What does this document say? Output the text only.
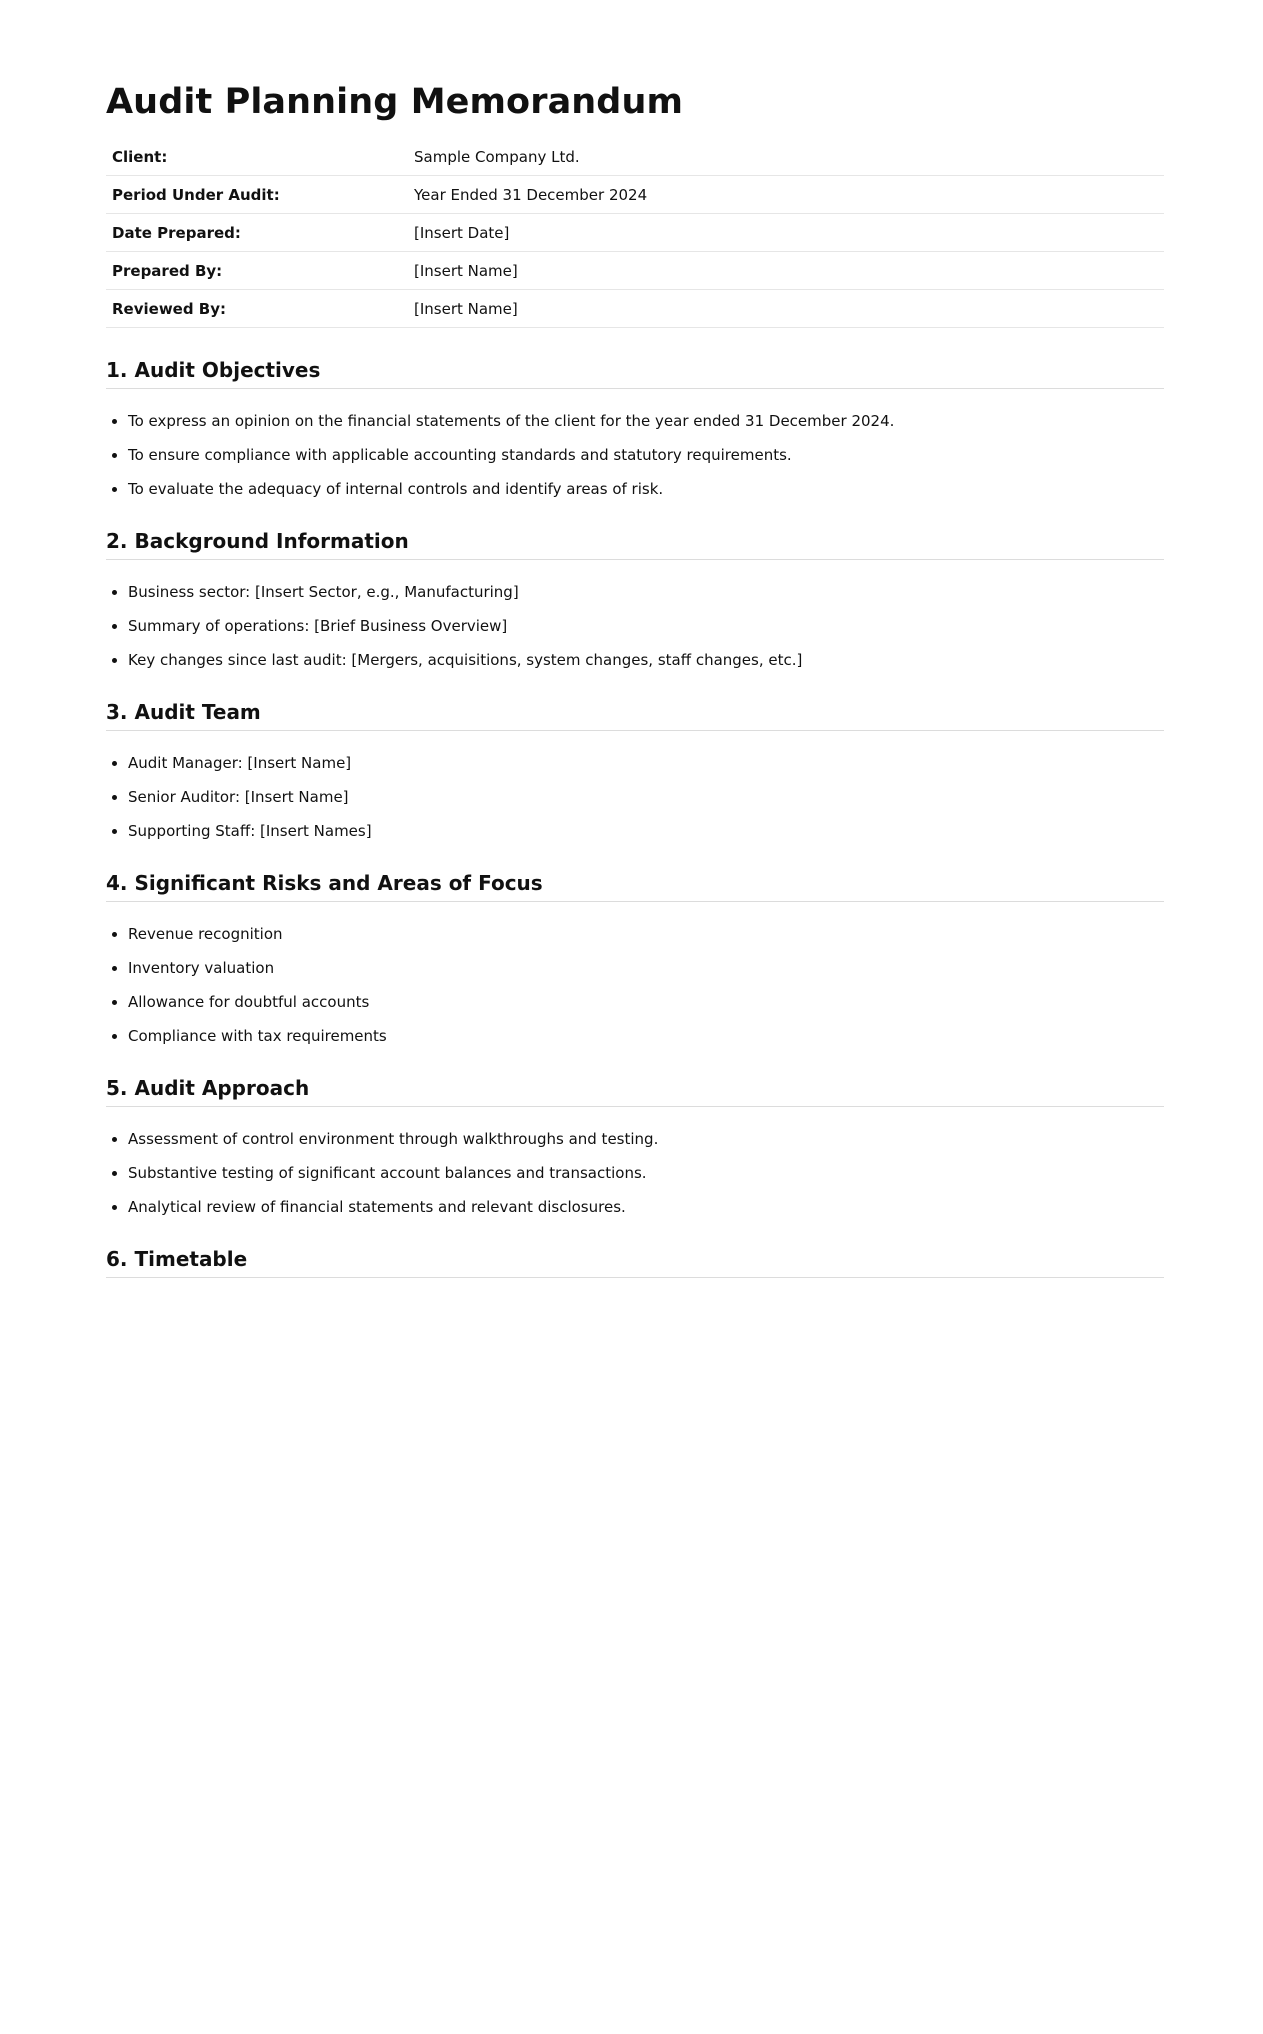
Audit Planning Memorandum
Client:	Sample Company Ltd.
Period Under Audit:	Year Ended 31 December 2024
Date Prepared:	[Insert Date]
Prepared By:	[Insert Name]
Reviewed By:	[Insert Name]
1. Audit Objectives
• To express an opinion on the financial statements of the client for the year ended 31 December 2024.
• To ensure compliance with applicable accounting standards and statutory requirements.
• To evaluate the adequacy of internal controls and identify areas of risk.
2. Background Information
• Business sector: [Insert Sector, e.g., Manufacturing]
• Summary of operations: [Brief Business Overview]
• Key changes since last audit: [Mergers, acquisitions, system changes, staff changes, etc.]
3. Audit Team
• Audit Manager: [Insert Name]
• Senior Auditor: [Insert Name]
• Supporting Staff: [Insert Names]
4. Significant Risks and Areas of Focus
• Revenue recognition
• Inventory valuation
• Allowance for doubtful accounts
• Compliance with tax requirements
5. Audit Approach
• Assessment of control environment through walkthroughs and testing.
• Substantive testing of significant account balances and transactions.
• Analytical review of financial statements and relevant disclosures.
6. Timetable
